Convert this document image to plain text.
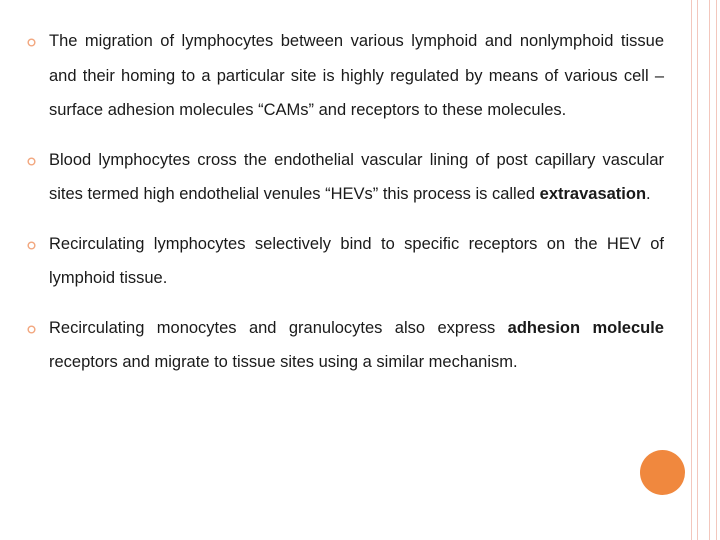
The migration of lymphocytes between various lymphoid and nonlymphoid tissue and their homing to a particular site is highly regulated by means of various cell – surface adhesion molecules “CAMs” and receptors to these molecules.
Blood lymphocytes cross the endothelial vascular lining of post capillary vascular sites termed high endothelial venules “HEVs” this process is called extravasation.
Recirculating lymphocytes selectively bind to specific receptors on the HEV of lymphoid tissue.
Recirculating monocytes and granulocytes also express adhesion molecule receptors and migrate to tissue sites using a similar mechanism.
